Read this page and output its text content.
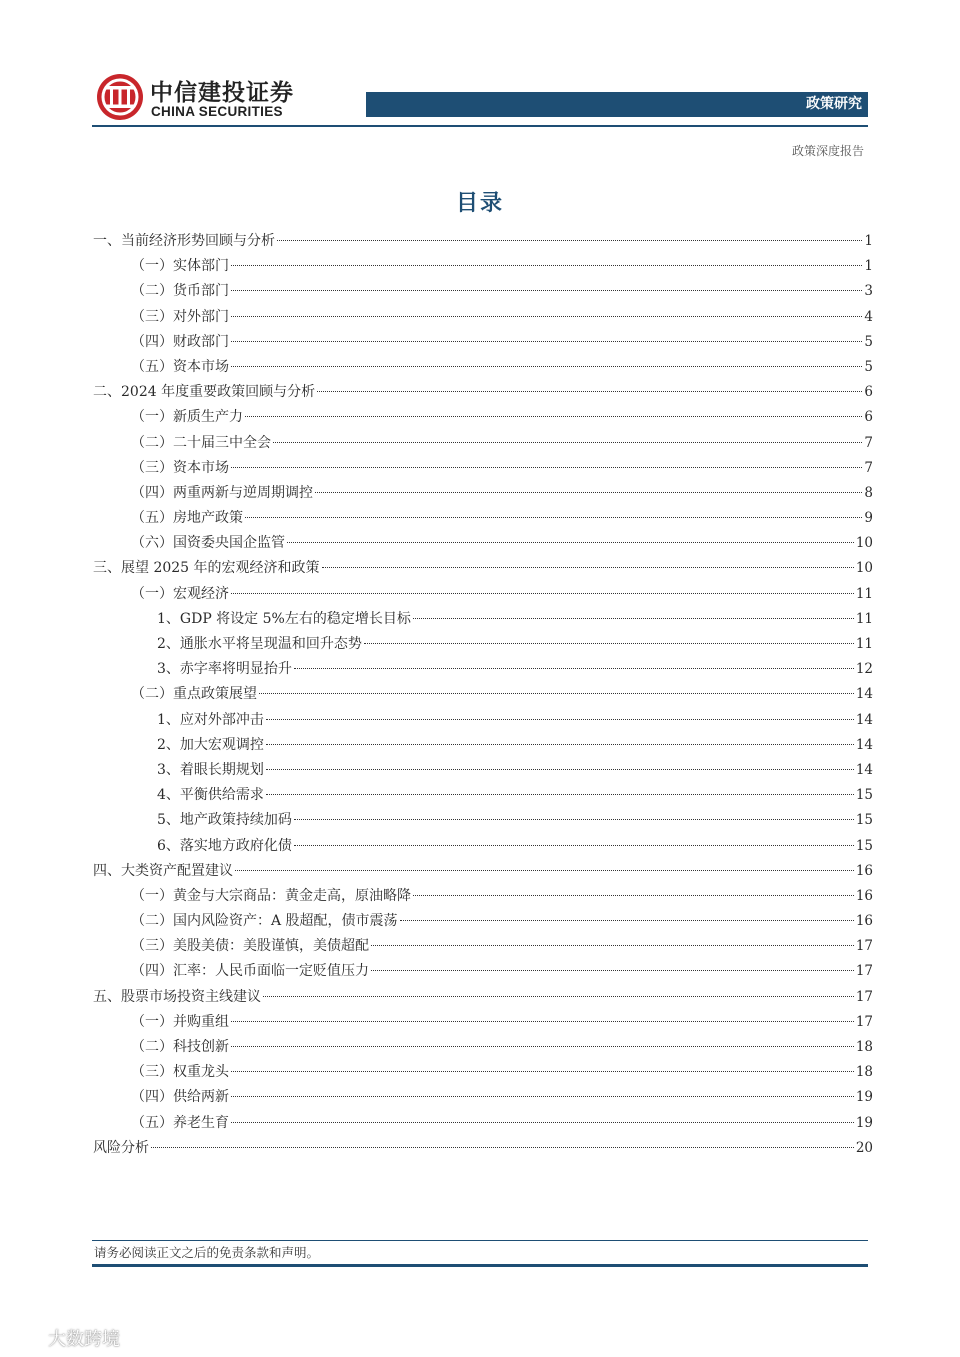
中信建投证券
CHINA SECURITIES	政策研究
政策深度报告
目录
一、当前经济形势回顾与分析	1
（一）实体部门	1
（二）货币部门	3
（三）对外部门	4
（四）财政部门	5
（五）资本市场	5
二、2024 年度重要政策回顾与分析	6
（一）新质生产力	6
（二）二十届三中全会	7
（三）资本市场	7
（四）两重两新与逆周期调控	8
（五）房地产政策	9
（六）国资委央国企监管	10
三、展望 2025 年的宏观经济和政策	10
（一）宏观经济	11
1、GDP 将设定 5%左右的稳定增长目标	11
2、通胀水平将呈现温和回升态势	11
3、赤字率将明显抬升	12
（二）重点政策展望	14
1、应对外部冲击	14
2、加大宏观调控	14
3、着眼长期规划	14
4、平衡供给需求	15
5、地产政策持续加码	15
6、落实地方政府化债	15
四、大类资产配置建议	16
（一）黄金与大宗商品：黄金走高，原油略降	16
（二）国内风险资产：A 股超配，债市震荡	16
（三）美股美债：美股谨慎，美债超配	17
（四）汇率：人民币面临一定贬值压力	17
五、股票市场投资主线建议	17
（一）并购重组	17
（二）科技创新	18
（三）权重龙头	18
（四）供给两新	19
（五）养老生育	19
风险分析	20
请务必阅读正文之后的免责条款和声明。
大数跨境
